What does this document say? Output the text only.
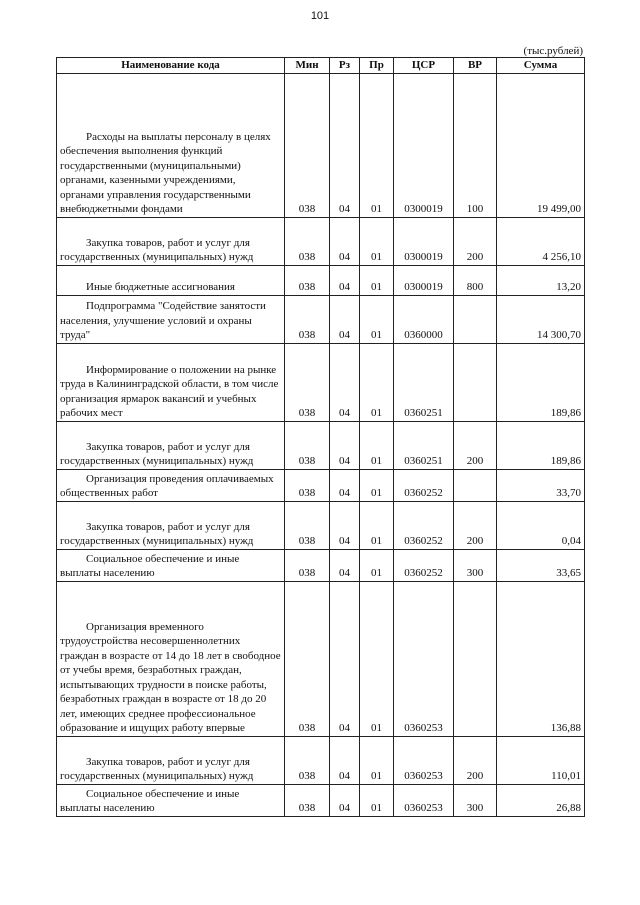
101
(тыс.рублей)
Наименование кода	Мин	Рз	Пр	ЦСР	ВР	Сумма
Расходы на выплаты персоналу в целях обеспечения выполнения функций государственными (муниципальными) органами, казенными учреждениями, органами управления государственными внебюджетными фондами	038	04	01	0300019	100	19 499,00
Закупка товаров, работ и услуг для государственных (муниципальных) нужд	038	04	01	0300019	200	4 256,10
Иные бюджетные ассигнования	038	04	01	0300019	800	13,20
Подпрограмма "Содействие занятости населения, улучшение условий и охраны труда"	038	04	01	0360000		14 300,70
Информирование о положении на рынке труда в Калининградской области, в том числе организация ярмарок вакансий и учебных рабочих мест	038	04	01	0360251		189,86
Закупка товаров, работ и услуг для государственных (муниципальных) нужд	038	04	01	0360251	200	189,86
Организация проведения оплачиваемых общественных работ	038	04	01	0360252		33,70
Закупка товаров, работ и услуг для государственных (муниципальных) нужд	038	04	01	0360252	200	0,04
Социальное обеспечение и иные выплаты населению	038	04	01	0360252	300	33,65
Организация временного трудоустройства несовершеннолетних граждан в возрасте от 14 до 18 лет в свободное от учебы время, безработных граждан, испытывающих трудности в поиске работы, безработных граждан в возрасте от 18 до 20 лет, имеющих среднее профессиональное образование и ищущих работу впервые	038	04	01	0360253		136,88
Закупка товаров, работ и услуг для государственных (муниципальных) нужд	038	04	01	0360253	200	110,01
Социальное обеспечение и иные выплаты населению	038	04	01	0360253	300	26,88
